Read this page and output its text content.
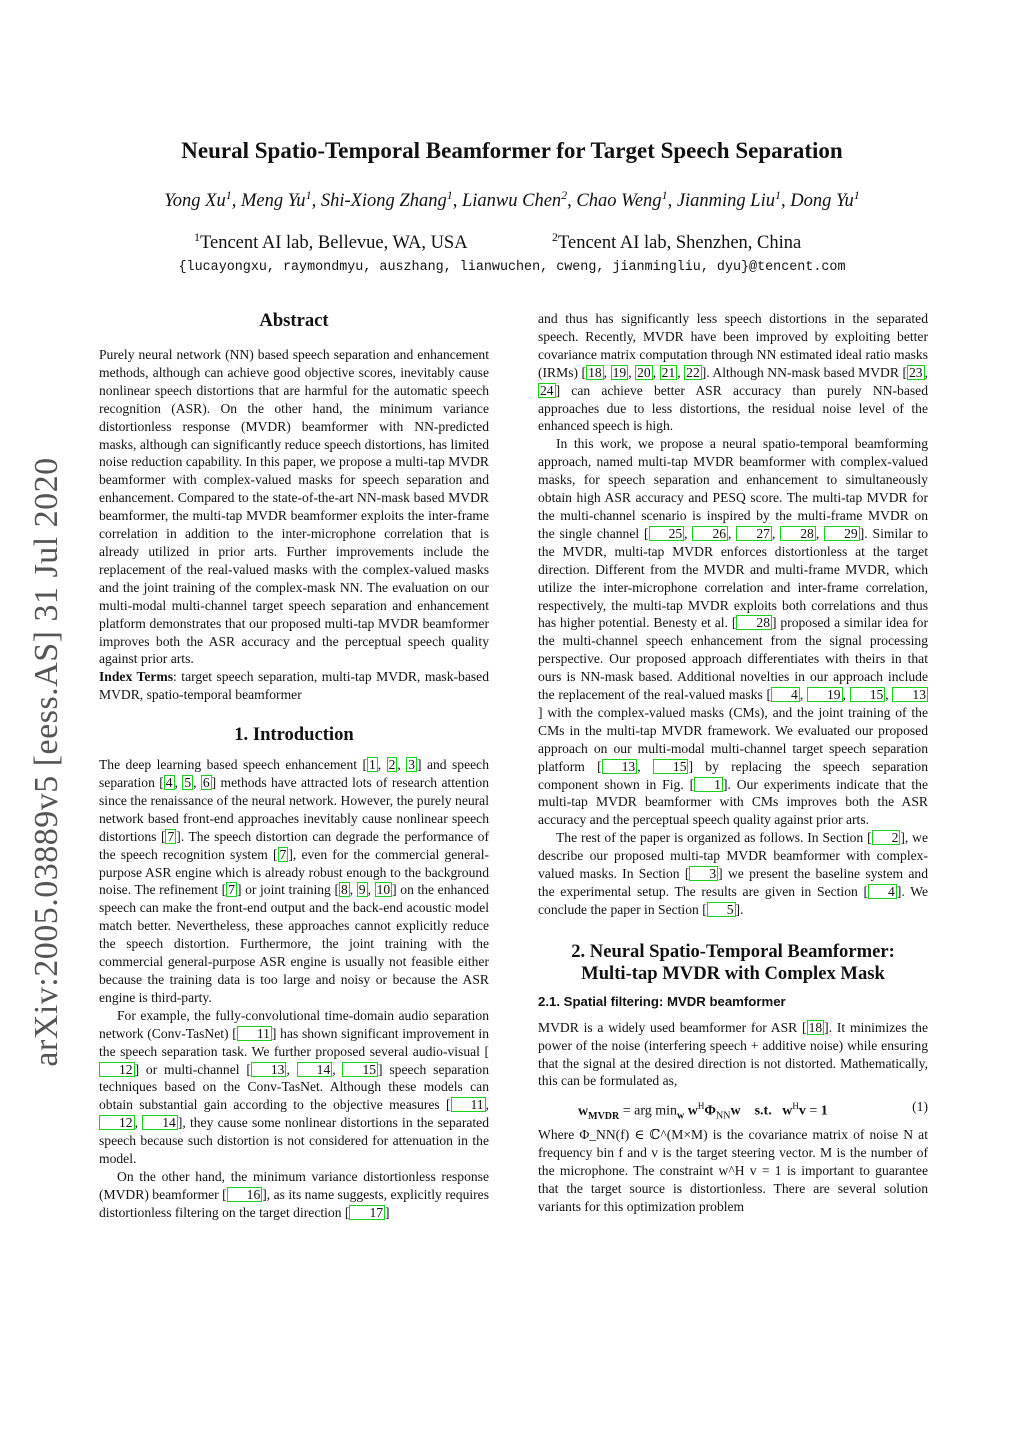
arXiv:2005.03889v5 [eess.AS] 31 Jul 2020
Neural Spatio-Temporal Beamformer for Target Speech Separation
Yong Xu$^1$, Meng Yu$^1$, Shi-Xiong Zhang$^1$, Lianwu Chen$^2$, Chao Weng$^1$, Jianming Liu$^1$, Dong Yu$^1$
$^1$Tencent AI lab, Bellevue, WA, USA	$^2$Tencent AI lab, Shenzhen, China
{lucayongxu, raymondmyu, auszhang, lianwuchen, cweng, jianmingliu, dyu}@tencent.com
Abstract

Purely neural network (NN) based speech separation and enhancement methods, although can achieve good objective scores, inevitably cause nonlinear speech distortions that are harmful for the automatic speech recognition (ASR). On the other hand, the minimum variance distortionless response (MVDR) beamformer with NN-predicted masks, although can significantly reduce speech distortions, has limited noise reduction capability. In this paper, we propose a multi-tap MVDR beamformer with complex-valued masks for speech separation and enhancement. Compared to the state-of-the-art NN-mask based MVDR beamformer, the multi-tap MVDR beamformer exploits the inter-frame correlation in addition to the inter-microphone correlation that is already utilized in prior arts. Further improvements include the replacement of the real-valued masks with the complex-valued masks and the joint training of the complex-mask NN. The evaluation on our multi-modal multi-channel target speech separation and enhancement platform demonstrates that our proposed multi-tap MVDR beamformer improves both the ASR accuracy and the perceptual speech quality against prior arts.

Index Terms: target speech separation, multi-tap MVDR, mask-based MVDR, spatio-temporal beamformer

1. Introduction

The deep learning based speech enhancement [ 1 , 2 , 3 ] and speech separation [ 4 , 5 , 6 ] methods have attracted lots of research attention since the renaissance of the neural network. However, the purely neural network based front-end approaches inevitably cause nonlinear speech distortions [ 7 ]. The speech distortion can degrade the performance of the speech recognition system [ 7 ], even for the commercial general-purpose ASR engine which is already robust enough to the background noise. The refinement [ 7 ] or joint training [ 8 , 9 , 10 ] on the enhanced speech can make the front-end output and the back-end acoustic model match better. Nevertheless, these approaches cannot explicitly reduce the speech distortion. Furthermore, the joint training with the commercial general-purpose ASR engine is usually not feasible either because the training data is too large and noisy or because the ASR engine is third-party.

For example, the fully-convolutional time-domain audio separation network (Conv-TasNet) [ 11 ] has shown significant improvement in the speech separation task. We further proposed several audio-visual [12 ] or multi-channel [ 13 , 14 , 15 ] speech separation techniques based on the Conv-TasNet. Although these models can obtain substantial gain according to the objective measures [ 11 , 12 , 14 ], they cause some nonlinear distortions in the separated speech because such distortion is not considered for attenuation in the model.

On the other hand, the minimum variance distortionless response (MVDR) beamformer [ 16 ], as its name suggests, explicitly requires distortionless filtering on the target direction [ 17 ]

and thus has significantly less speech distortions in the separated speech. Recently, MVDR have been improved by exploiting better covariance matrix computation through NN estimated ideal ratio masks (IRMs) [ 18 , 19 , 20 , 21 , 22 ]. Although NN-mask based MVDR [ 23 , 24 ] can achieve better ASR accuracy than purely NN-based approaches due to less distortions, the residual noise level of the enhanced speech is high.

In this work, we propose a neural spatio-temporal beamforming approach, named multi-tap MVDR beamformer with complex-valued masks, for speech separation and enhancement to simultaneously obtain high ASR accuracy and PESQ score. The multi-tap MVDR for the multi-channel scenario is inspired by the multi-frame MVDR on the single channel [ 25 , 26 , 27 , 28 , 29 ]. Similar to the MVDR, multi-tap MVDR enforces distortionless at the target direction. Different from the MVDR and multi-frame MVDR, which utilize the inter-microphone correlation and inter-frame correlation, respectively, the multi-tap MVDR exploits both correlations and thus has higher potential. Benesty et al. [ 28 ] proposed a similar idea for the multi-channel speech enhancement from the signal processing perspective. Our proposed approach differentiates with theirs in that ours is NN-mask based. Additional novelties in our approach include the replacement of the real-valued masks [ 4 , 19 , 15 , 13] with the complex-valued masks (CMs), and the joint training of the CMs in the multi-tap MVDR framework. We evaluated our proposed approach on our multi-modal multi-channel target speech separation platform [ 13 , 15 ] by replacing the speech separation component shown in Fig. [ 1 ]. Our experiments indicate that the multi-tap MVDR beamformer with CMs improves both the ASR accuracy and the perceptual speech quality against prior arts.

The rest of the paper is organized as follows. In Section [ 2 ], we describe our proposed multi-tap MVDR beamformer with complex-valued masks. In Section [ 3 ] we present the baseline system and the experimental setup. The results are given in Section [ 4 ]. We conclude the paper in Section [ 5 ].

2. Neural Spatio-Temporal Beamformer:
Multi-tap MVDR with Complex Mask
2.1. Spatial filtering: MVDR beamformer

MVDR is a widely used beamformer for ASR [ 18 ]. It minimizes the power of the noise (interfering speech + additive noise) while ensuring that the signal at the desired direction is not distorted. Mathematically, this can be formulated as,

$w_{MVDR}$ = arg $\min_w w^H\Phi_{NN}w$ s.t. $w^Hv = 1$	(1)

Where Φ_NN(f) ∈ ℂ^(M×M) is the covariance matrix of noise N at frequency bin f and v is the target steering vector. M is the number of the microphone. The constraint w^H v = 1 is important to guarantee that the target source is distortionless. There are several solution variants for this optimization problem
